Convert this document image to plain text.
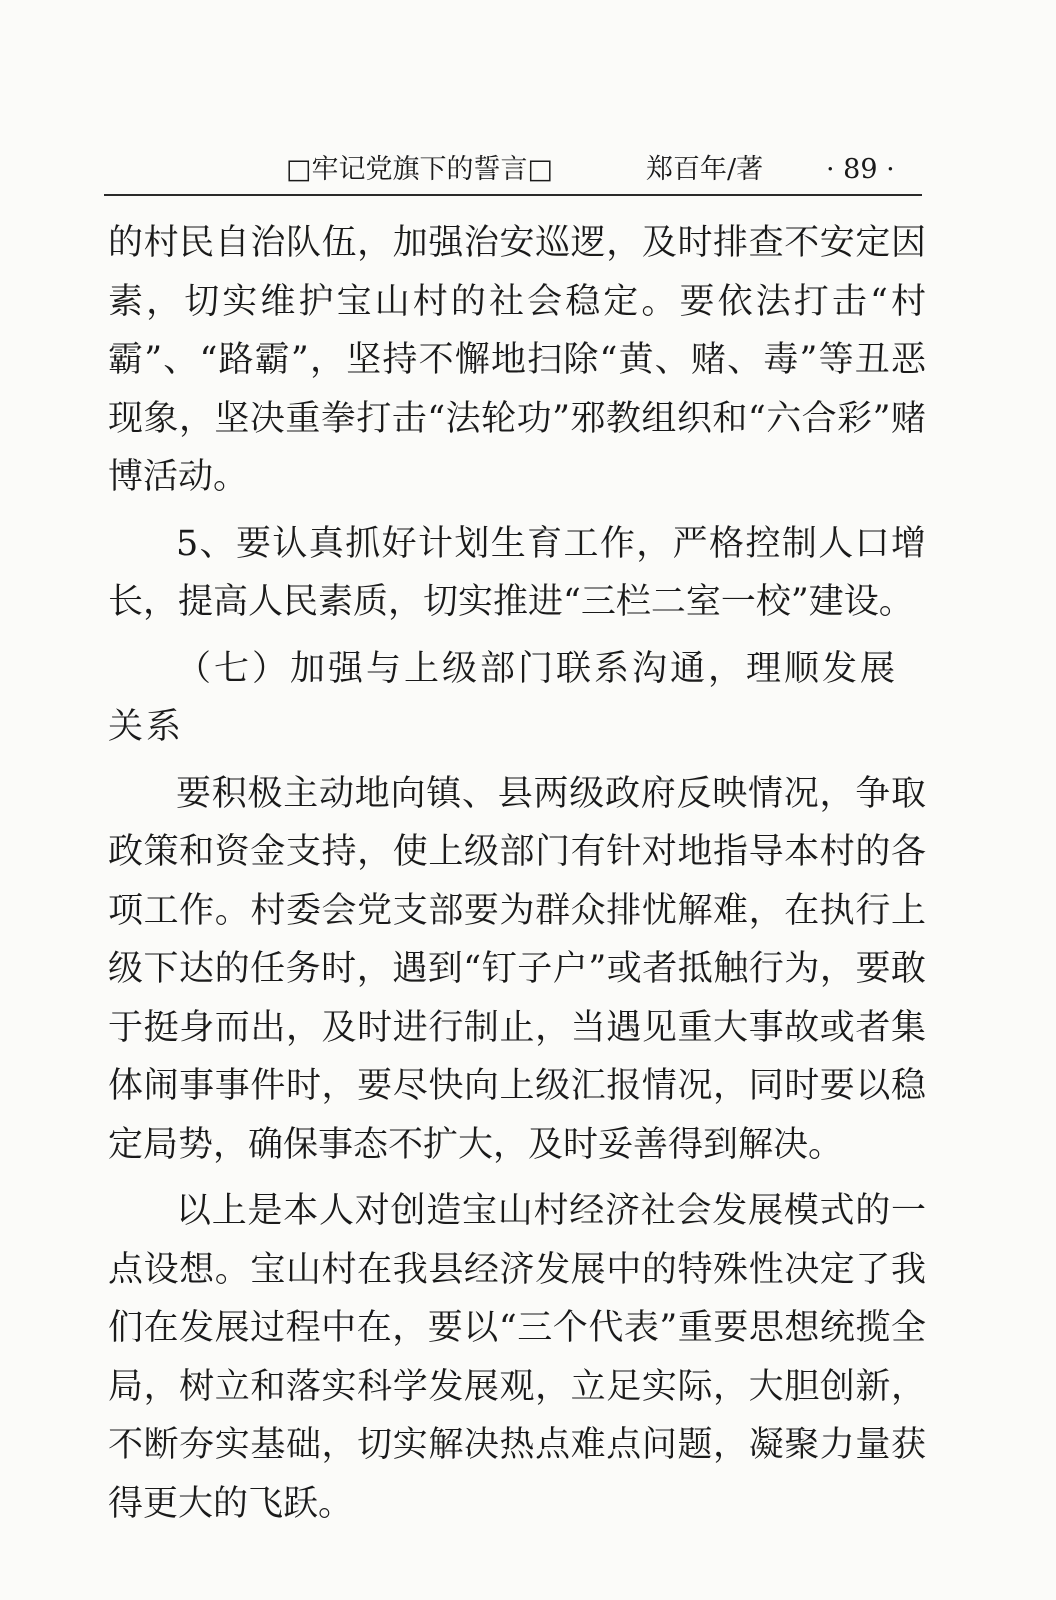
□牢记党旗下的誓言□	郑百年/著 · 89 ·

的村民自治队伍，加强治安巡逻，及时排查不安定因素，切实维护宝山村的社会稳定。要依法打击“村霸”、“路霸”，坚持不懈地扫除“黄、赌、毒”等丑恶现象，坚决重拳打击“法轮功”邪教组织和“六合彩”赌博活动。

5、要认真抓好计划生育工作，严格控制人口增长，提高人民素质，切实推进“三栏二室一校”建设。

（七）加强与上级部门联系沟通，理顺发展关系

要积极主动地向镇、县两级政府反映情况，争取政策和资金支持，使上级部门有针对地指导本村的各项工作。村委会党支部要为群众排忧解难，在执行上级下达的任务时，遇到“钉子户”或者抵触行为，要敢于挺身而出，及时进行制止，当遇见重大事故或者集体闹事事件时，要尽快向上级汇报情况，同时要以稳定局势，确保事态不扩大，及时妥善得到解决。

以上是本人对创造宝山村经济社会发展模式的一点设想。宝山村在我县经济发展中的特殊性决定了我们在发展过程中在，要以“三个代表”重要思想统揽全局，树立和落实科学发展观，立足实际，大胆创新，不断夯实基础，切实解决热点难点问题，凝聚力量获得更大的飞跃。
